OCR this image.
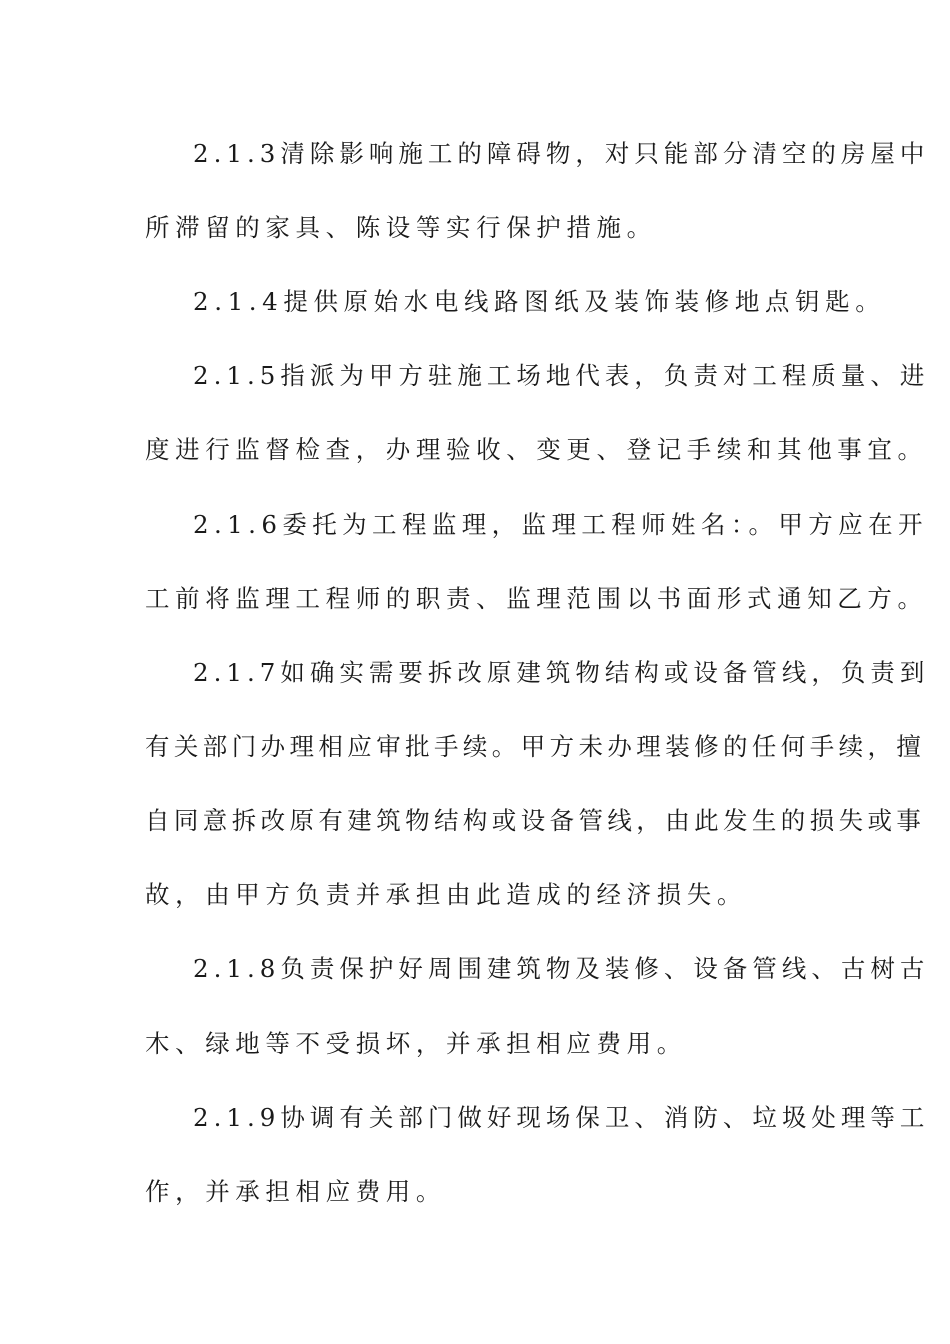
2.1.3清除影响施工的障碍物，对只能部分清空的房屋中
所滞留的家具、陈设等实行保护措施。
2.1.4提供原始水电线路图纸及装饰装修地点钥匙。
2.1.5指派为甲方驻施工场地代表，负责对工程质量、进
度进行监督检查，办理验收、变更、登记手续和其他事宜。
2.1.6委托为工程监理，监理工程师姓名：。甲方应在开
工前将监理工程师的职责、监理范围以书面形式通知乙方。
2.1.7如确实需要拆改原建筑物结构或设备管线，负责到
有关部门办理相应审批手续。甲方未办理装修的任何手续，擅
自同意拆改原有建筑物结构或设备管线，由此发生的损失或事
故，由甲方负责并承担由此造成的经济损失。
2.1.8负责保护好周围建筑物及装修、设备管线、古树古
木、绿地等不受损坏，并承担相应费用。
2.1.9协调有关部门做好现场保卫、消防、垃圾处理等工
作，并承担相应费用。
